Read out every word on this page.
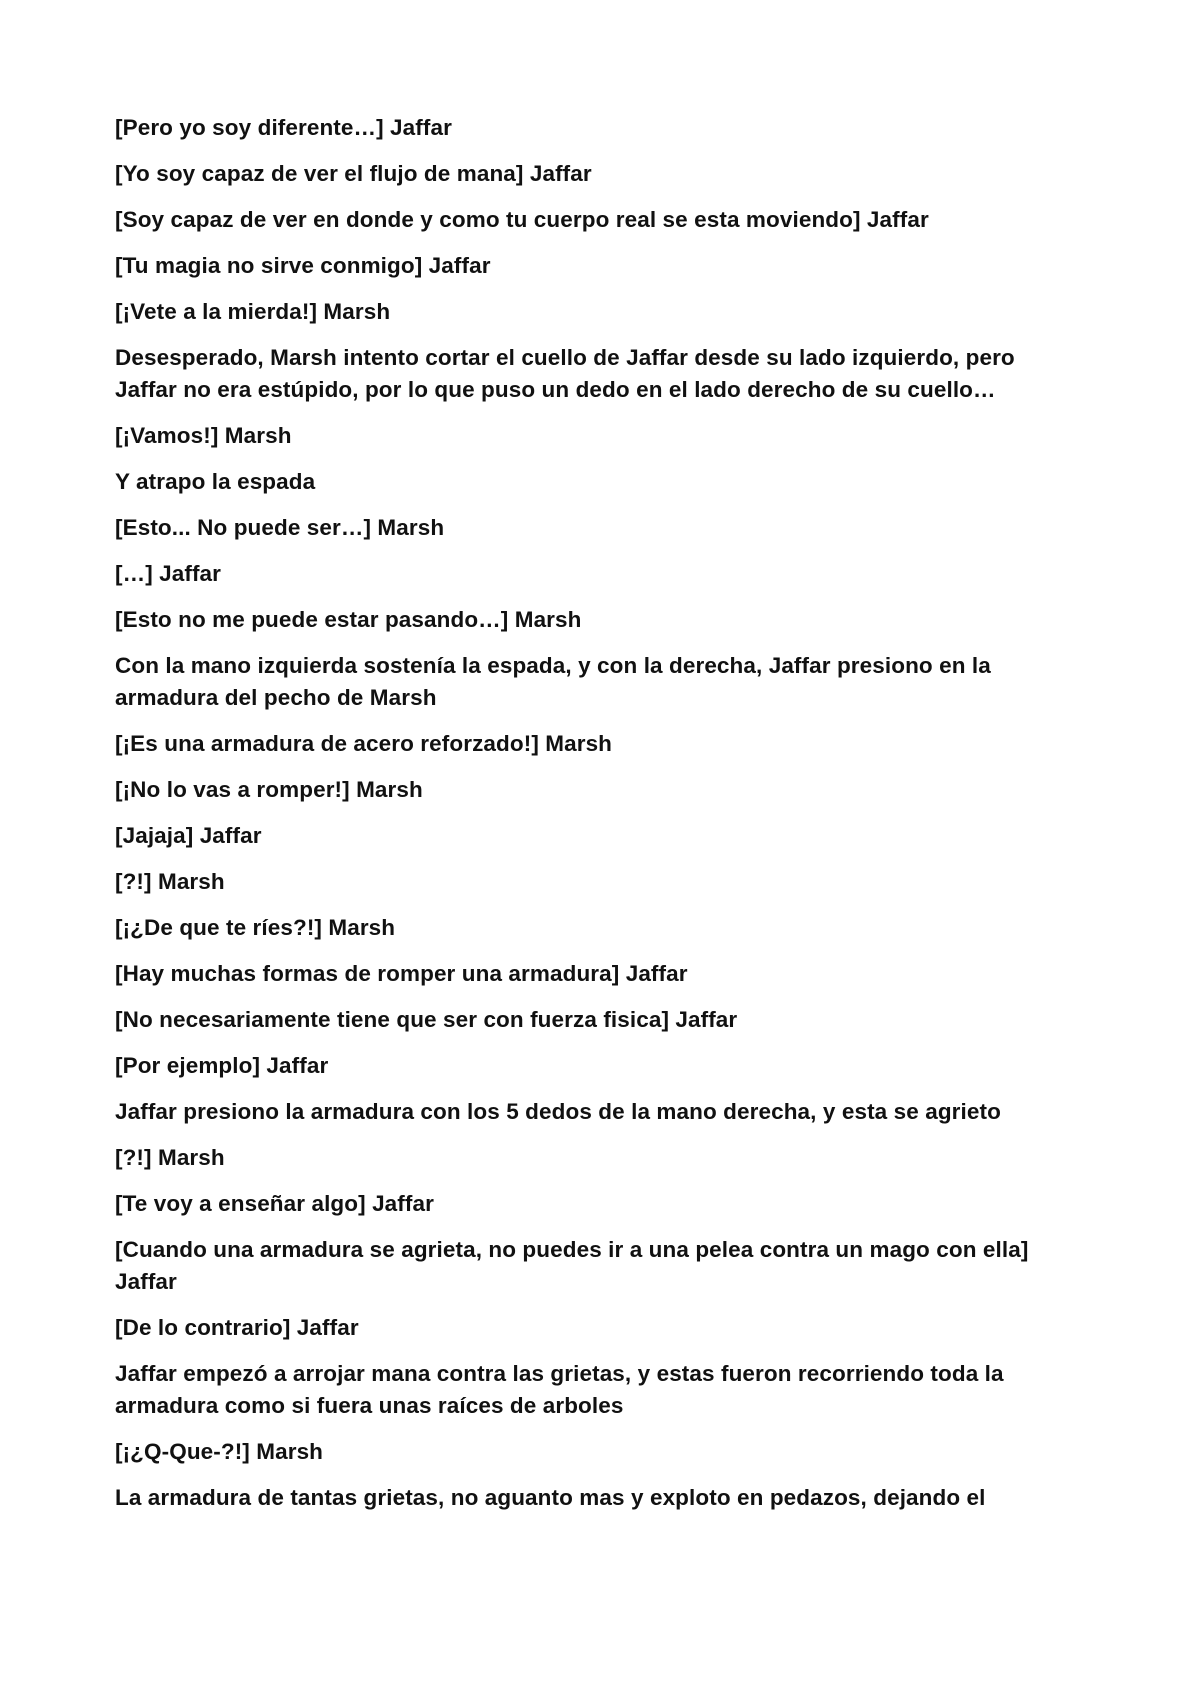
[Pero yo soy diferente…] Jaffar

[Yo soy capaz de ver el flujo de mana] Jaffar

[Soy capaz de ver en donde y como tu cuerpo real se esta moviendo] Jaffar

[Tu magia no sirve conmigo] Jaffar

[¡Vete a la mierda!] Marsh

Desesperado, Marsh intento cortar el cuello de Jaffar desde su lado izquierdo, pero Jaffar no era estúpido, por lo que puso un dedo en el lado derecho de su cuello…

[¡Vamos!] Marsh

Y atrapo la espada

[Esto... No puede ser…] Marsh

[…] Jaffar

[Esto no me puede estar pasando…] Marsh

Con la mano izquierda sostenía la espada, y con la derecha, Jaffar presiono en la armadura del pecho de Marsh

[¡Es una armadura de acero reforzado!] Marsh

[¡No lo vas a romper!] Marsh

[Jajaja] Jaffar

[?!] Marsh

[¡¿De que te ríes?!] Marsh

[Hay muchas formas de romper una armadura] Jaffar

[No necesariamente tiene que ser con fuerza fisica] Jaffar

[Por ejemplo] Jaffar

Jaffar presiono la armadura con los 5 dedos de la mano derecha, y esta se agrieto

[?!] Marsh

[Te voy a enseñar algo] Jaffar

[Cuando una armadura se agrieta, no puedes ir a una pelea contra un mago con ella] Jaffar

[De lo contrario] Jaffar

Jaffar empezó a arrojar mana contra las grietas, y estas fueron recorriendo toda la armadura como si fuera unas raíces de arboles

[¡¿Q-Que-?!] Marsh

La armadura de tantas grietas, no aguanto mas y exploto en pedazos, dejando el
